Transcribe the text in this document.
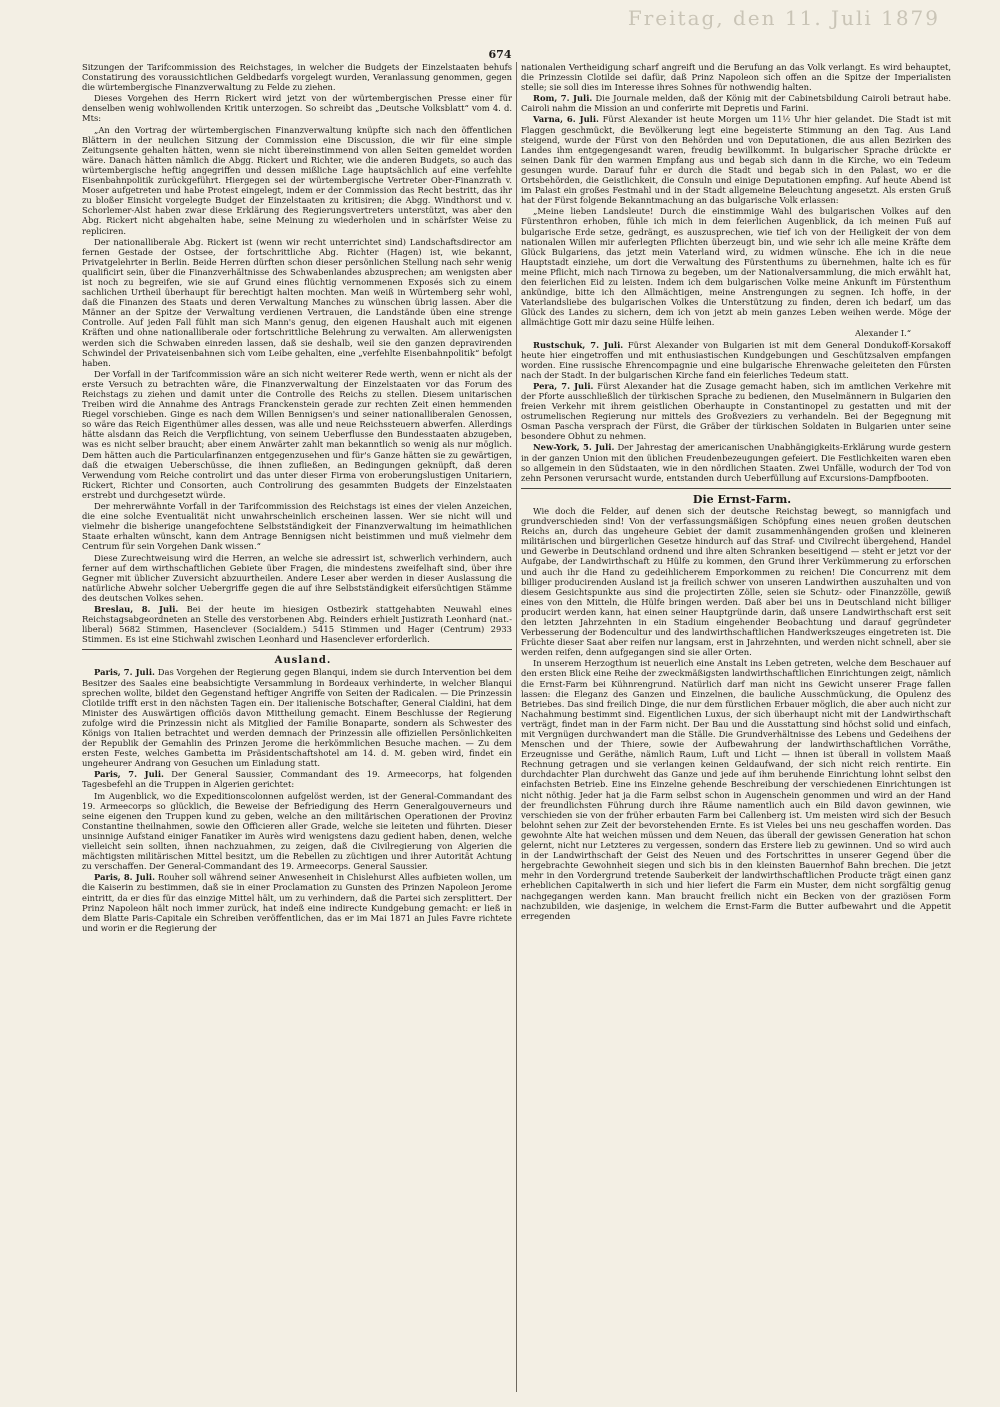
Freitag, den 11. Juli 1879
674

Sitzungen der Tarifcommission des Reichstages, in welcher die Budgets der Einzelstaaten behufs Constatirung des voraussichtlichen Geldbedarfs vorgelegt wurden, Veranlassung genommen, gegen die würtembergische Finanzverwaltung zu Felde zu ziehen.

Dieses Vorgehen des Herrn Rickert wird jetzt von der würtembergischen Presse einer für denselben wenig wohlwollenden Kritik unterzogen. So schreibt das „Deutsche Volksblatt“ vom 4. d. Mts:

„An den Vortrag der würtembergischen Finanzverwaltung knüpfte sich nach den öffentlichen Blättern in der neulichen Sitzung der Commission eine Discussion, die wir für eine simple Zeitungsente gehalten hätten, wenn sie nicht übereinstimmend von allen Seiten gemeldet worden wäre. Danach hätten nämlich die Abgg. Rickert und Richter, wie die anderen Budgets, so auch das würtembergische heftig angegriffen und dessen mißliche Lage hauptsächlich auf eine verfehlte Eisenbahnpolitik zurückgeführt. Hiergegen sei der würtembergische Vertreter Ober-Finanzrath v. Moser aufgetreten und habe Protest eingelegt, indem er der Commission das Recht bestritt, das ihr zu bloßer Einsicht vorgelegte Budget der Einzelstaaten zu kritisiren; die Abgg. Windthorst und v. Schorlemer-Alst haben zwar diese Erklärung des Regierungsvertreters unterstützt, was aber den Abg. Rickert nicht abgehalten habe, seine Meinung zu wiederholen und in schärfster Weise zu repliciren.

Der nationalliberale Abg. Rickert ist (wenn wir recht unterrichtet sind) Landschaftsdirector am fernen Gestade der Ostsee, der fortschrittliche Abg. Richter (Hagen) ist, wie bekannt, Privatgelehrter in Berlin. Beide Herren dürften schon dieser persönlichen Stellung nach sehr wenig qualificirt sein, über die Finanzverhältnisse des Schwabenlandes abzusprechen; am wenigsten aber ist noch zu begreifen, wie sie auf Grund eines flüchtig vernommenen Exposés sich zu einem sachlichen Urtheil überhaupt für berechtigt halten mochten. Man weiß in Würtemberg sehr wohl, daß die Finanzen des Staats und deren Verwaltung Manches zu wünschen übrig lassen. Aber die Männer an der Spitze der Verwaltung verdienen Vertrauen, die Landstände üben eine strenge Controlle. Auf jeden Fall fühlt man sich Mann's genug, den eigenen Haushalt auch mit eigenen Kräften und ohne nationalliberale oder fortschrittliche Belehrung zu verwalten. Am allerwenigsten werden sich die Schwaben einreden lassen, daß sie deshalb, weil sie den ganzen depravirenden Schwindel der Privateisenbahnen sich vom Leibe gehalten, eine „verfehlte Eisenbahnpolitik“ befolgt haben.

Der Vorfall in der Tarifcommission wäre an sich nicht weiterer Rede werth, wenn er nicht als der erste Versuch zu betrachten wäre, die Finanzverwaltung der Einzelstaaten vor das Forum des Reichstags zu ziehen und damit unter die Controlle des Reichs zu stellen. Diesem unitarischen Treiben wird die Annahme des Antrags Franckenstein gerade zur rechten Zeit einen hemmenden Riegel vorschieben. Ginge es nach dem Willen Bennigsen's und seiner nationalliberalen Genossen, so wäre das Reich Eigenthümer alles dessen, was alle und neue Reichssteuern abwerfen. Allerdings hätte alsdann das Reich die Verpflichtung, von seinem Ueberflusse den Bundesstaaten abzugeben, was es nicht selber braucht; aber einem Anwärter zahlt man bekanntlich so wenig als nur möglich. Dem hätten auch die Particularfinanzen entgegenzusehen und für's Ganze hätten sie zu gewärtigen, daß die etwaigen Ueberschüsse, die ihnen zufließen, an Bedingungen geknüpft, daß deren Verwendung vom Reiche controlirt und das unter dieser Firma von eroberungslustigen Unitariern, Rickert, Richter und Consorten, auch Controlirung des gesammten Budgets der Einzelstaaten erstrebt und durchgesetzt würde.

Der mehrerwähnte Vorfall in der Tarifcommission des Reichstags ist eines der vielen Anzeichen, die eine solche Eventualität nicht unwahrscheinlich erscheinen lassen. Wer sie nicht will und vielmehr die bisherige unangefochtene Selbstständigkeit der Finanzverwaltung im heimathlichen Staate erhalten wünscht, kann dem Antrage Bennigsen nicht beistimmen und muß vielmehr dem Centrum für sein Vorgehen Dank wissen.“

Diese Zurechtweisung wird die Herren, an welche sie adressirt ist, schwerlich verhindern, auch ferner auf dem wirthschaftlichen Gebiete über Fragen, die mindestens zweifelhaft sind, über ihre Gegner mit üblicher Zuversicht abzuurtheilen. Andere Leser aber werden in dieser Auslassung die natürliche Abwehr solcher Uebergriffe gegen die auf ihre Selbstständigkeit eifersüchtigen Stämme des deutschen Volkes sehen.

Breslau, 8. Juli. Bei der heute im hiesigen Ostbezirk stattgehabten Neuwahl eines Reichstagsabgeordneten an Stelle des verstorbenen Abg. Reinders erhielt Justizrath Leonhard (nat.-liberal) 5682 Stimmen, Hasenclever (Socialdem.) 5415 Stimmen und Hager (Centrum) 2933 Stimmen. Es ist eine Stichwahl zwischen Leonhard und Hasenclever erforderlich.

Ausland.

Paris, 7. Juli. Das Vorgehen der Regierung gegen Blanqui, indem sie durch Intervention bei dem Besitzer des Saales eine beabsichtigte Versammlung in Bordeaux verhinderte, in welcher Blanqui sprechen wollte, bildet den Gegenstand heftiger Angriffe von Seiten der Radicalen. — Die Prinzessin Clotilde trifft erst in den nächsten Tagen ein. Der italienische Botschafter, General Cialdini, hat dem Minister des Auswärtigen officiös davon Mittheilung gemacht. Einem Beschlusse der Regierung zufolge wird die Prinzessin nicht als Mitglied der Familie Bonaparte, sondern als Schwester des Königs von Italien betrachtet und werden demnach der Prinzessin alle offiziellen Persönlichkeiten der Republik der Gemahlin des Prinzen Jerome die herkömmlichen Besuche machen. — Zu dem ersten Feste, welches Gambetta im Präsidentschaftshotel am 14. d. M. geben wird, findet ein ungeheurer Andrang von Gesuchen um Einladung statt.

Paris, 7. Juli. Der General Saussier, Commandant des 19. Armeecorps, hat folgenden Tagesbefehl an die Truppen in Algerien gerichtet:

Im Augenblick, wo die Expeditionscolonnen aufgelöst werden, ist der General-Commandant des 19. Armeecorps so glücklich, die Beweise der Befriedigung des Herrn Generalgouverneurs und seine eigenen den Truppen kund zu geben, welche an den militärischen Operationen der Provinz Constantine theilnahmen, sowie den Officieren aller Grade, welche sie leiteten und führten. Dieser unsinnige Aufstand einiger Fanatiker im Aurès wird wenigstens dazu gedient haben, denen, welche vielleicht sein sollten, ihnen nachzuahmen, zu zeigen, daß die Civilregierung von Algerien die mächtigsten militärischen Mittel besitzt, um die Rebellen zu züchtigen und ihrer Autorität Achtung zu verschaffen. Der General-Commandant des 19. Armeecorps. General Saussier.

Paris, 8. Juli. Rouher soll während seiner Anwesenheit in Chislehurst Alles aufbieten wollen, um die Kaiserin zu bestimmen, daß sie in einer Proclamation zu Gunsten des Prinzen Napoleon Jerome eintritt, da er dies für das einzige Mittel hält, um zu verhindern, daß die Partei sich zersplittert. Der Prinz Napoleon hält noch immer zurück, hat indeß eine indirecte Kundgebung gemacht: er ließ in dem Blatte Paris-Capitale ein Schreiben veröffentlichen, das er im Mai 1871 an Jules Favre richtete und worin er die Regierung der

nationalen Vertheidigung scharf angreift und die Berufung an das Volk verlangt. Es wird behauptet, die Prinzessin Clotilde sei dafür, daß Prinz Napoleon sich offen an die Spitze der Imperialisten stelle; sie soll dies im Interesse ihres Sohnes für nothwendig halten.

Rom, 7. Juli. Die Journale melden, daß der König mit der Cabinetsbildung Cairoli betraut habe. Cairoli nahm die Mission an und conferirte mit Depretis und Farini.

Varna, 6. Juli. Fürst Alexander ist heute Morgen um 11½ Uhr hier gelandet. Die Stadt ist mit Flaggen geschmückt, die Bevölkerung legt eine begeisterte Stimmung an den Tag. Aus Land steigend, wurde der Fürst von den Behörden und von Deputationen, die aus allen Bezirken des Landes ihm entgegengesandt waren, freudig bewillkommt. In bulgarischer Sprache drückte er seinen Dank für den warmen Empfang aus und begab sich dann in die Kirche, wo ein Tedeum gesungen wurde. Darauf fuhr er durch die Stadt und begab sich in den Palast, wo er die Ortsbehörden, die Geistlichkeit, die Consuln und einige Deputationen empfing. Auf heute Abend ist im Palast ein großes Festmahl und in der Stadt allgemeine Beleuchtung angesetzt. Als ersten Gruß hat der Fürst folgende Bekanntmachung an das bulgarische Volk erlassen:

„Meine lieben Landsleute! Durch die einstimmige Wahl des bulgarischen Volkes auf den Fürstenthron erhoben, fühle ich mich in dem feierlichen Augenblick, da ich meinen Fuß auf bulgarische Erde setze, gedrängt, es auszusprechen, wie tief ich von der Heiligkeit der von dem nationalen Willen mir auferlegten Pflichten überzeugt bin, und wie sehr ich alle meine Kräfte dem Glück Bulgariens, das jetzt mein Vaterland wird, zu widmen wünsche. Ehe ich in die neue Hauptstadt einziehe, um dort die Verwaltung des Fürstenthums zu übernehmen, halte ich es für meine Pflicht, mich nach Tirnowa zu begeben, um der Nationalversammlung, die mich erwählt hat, den feierlichen Eid zu leisten. Indem ich dem bulgarischen Volke meine Ankunft im Fürstenthum ankündige, bitte ich den Allmächtigen, meine Anstrengungen zu segnen. Ich hoffe, in der Vaterlandsliebe des bulgarischen Volkes die Unterstützung zu finden, deren ich bedarf, um das Glück des Landes zu sichern, dem ich von jetzt ab mein ganzes Leben weihen werde. Möge der allmächtige Gott mir dazu seine Hülfe leihen.

Alexander I.“

Rustschuk, 7. Juli. Fürst Alexander von Bulgarien ist mit dem General Dondukoff-Korsakoff heute hier eingetroffen und mit enthusiastischen Kundgebungen und Geschützsalven empfangen worden. Eine russische Ehrencompagnie und eine bulgarische Ehrenwache geleiteten den Fürsten nach der Stadt. In der bulgarischen Kirche fand ein feierliches Tedeum statt.

Pera, 7. Juli. Fürst Alexander hat die Zusage gemacht haben, sich im amtlichen Verkehre mit der Pforte ausschließlich der türkischen Sprache zu bedienen, den Muselmännern in Bulgarien den freien Verkehr mit ihrem geistlichen Oberhaupte in Constantinopel zu gestatten und mit der ostrumelischen Regierung nur mittels des Großveziers zu verhandeln. Bei der Begegnung mit Osman Pascha versprach der Fürst, die Gräber der türkischen Soldaten in Bulgarien unter seine besondere Obhut zu nehmen.

New-York, 5. Juli. Der Jahrestag der americanischen Unabhängigkeits-Erklärung wurde gestern in der ganzen Union mit den üblichen Freudenbezeugungen gefeiert. Die Festlichkeiten waren eben so allgemein in den Südstaaten, wie in den nördlichen Staaten. Zwei Unfälle, wodurch der Tod von zehn Personen verursacht wurde, entstanden durch Ueberfüllung auf Excursions-Dampfbooten.

Die Ernst-Farm.

Wie doch die Felder, auf denen sich der deutsche Reichstag bewegt, so mannigfach und grundverschieden sind! Von der verfassungsmäßigen Schöpfung eines neuen großen deutschen Reichs an, durch das ungeheure Gebiet der damit zusammenhängenden großen und kleineren militärischen und bürgerlichen Gesetze hindurch auf das Straf- und Civilrecht übergehend, Handel und Gewerbe in Deutschland ordnend und ihre alten Schranken beseitigend — steht er jetzt vor der Aufgabe, der Landwirthschaft zu Hülfe zu kommen, den Grund ihrer Verkümmerung zu erforschen und auch ihr die Hand zu gedeihlicherem Emporkommen zu reichen! Die Concurrenz mit dem billiger producirenden Ausland ist ja freilich schwer von unseren Landwirthen auszuhalten und von diesem Gesichtspunkte aus sind die projectirten Zölle, seien sie Schutz- oder Finanzzölle, gewiß eines von den Mitteln, die Hülfe bringen werden. Daß aber bei uns in Deutschland nicht billiger producirt werden kann, hat einen seiner Hauptgründe darin, daß unsere Landwirthschaft erst seit den letzten Jahrzehnten in ein Stadium eingehender Beobachtung und darauf gegründeter Verbesserung der Bodencultur und des landwirthschaftlichen Handwerkszeuges eingetreten ist. Die Früchte dieser Saat aber reifen nur langsam, erst in Jahrzehnten, und werden nicht schnell, aber sie werden reifen, denn aufgegangen sind sie aller Orten.

In unserem Herzogthum ist neuerlich eine Anstalt ins Leben getreten, welche dem Beschauer auf den ersten Blick eine Reihe der zweckmäßigsten landwirthschaftlichen Einrichtungen zeigt, nämlich die Ernst-Farm bei Kühnrengrund. Natürlich darf man nicht ins Gewicht unserer Frage fallen lassen: die Eleganz des Ganzen und Einzelnen, die bauliche Ausschmückung, die Opulenz des Betriebes. Das sind freilich Dinge, die nur dem fürstlichen Erbauer möglich, die aber auch nicht zur Nachahmung bestimmt sind. Eigentlichen Luxus, der sich überhaupt nicht mit der Landwirthschaft verträgt, findet man in der Farm nicht. Der Bau und die Ausstattung sind höchst solid und einfach, mit Vergnügen durchwandert man die Ställe. Die Grundverhältnisse des Lebens und Gedeihens der Menschen und der Thiere, sowie der Aufbewahrung der landwirthschaftlichen Vorräthe, Erzeugnisse und Geräthe, nämlich Raum, Luft und Licht — ihnen ist überall in vollstem Maaß Rechnung getragen und sie verlangen keinen Geldaufwand, der sich nicht reich rentirte. Ein durchdachter Plan durchweht das Ganze und jede auf ihm beruhende Einrichtung lohnt selbst den einfachsten Betrieb. Eine ins Einzelne gehende Beschreibung der verschiedenen Einrichtungen ist nicht nöthig. Jeder hat ja die Farm selbst schon in Augenschein genommen und wird an der Hand der freundlichsten Führung durch ihre Räume namentlich auch ein Bild davon gewinnen, wie verschieden sie von der früher erbauten Farm bei Callenberg ist. Um meisten wird sich der Besuch belohnt sehen zur Zeit der bevorstehenden Ernte. Es ist Vieles bei uns neu geschaffen worden. Das gewohnte Alte hat weichen müssen und dem Neuen, das überall der gewissen Generation hat schon gelernt, nicht nur Letzteres zu vergessen, sondern das Erstere lieb zu gewinnen. Und so wird auch in der Landwirthschaft der Geist des Neuen und des Fortschrittes in unserer Gegend über die hergebrachte Gewohnheit siegen und sich bis in den kleinsten Bauernhof Bahn brechen. Die jetzt mehr in den Vordergrund tretende Sauberkeit der landwirthschaftlichen Producte trägt einen ganz erheblichen Capitalwerth in sich und hier liefert die Farm ein Muster, dem nicht sorgfältig genug nachgegangen werden kann. Man braucht freilich nicht ein Becken von der graziösen Form nachzubilden, wie dasjenige, in welchem die Ernst-Farm die Butter aufbewahrt und die Appetit erregenden
